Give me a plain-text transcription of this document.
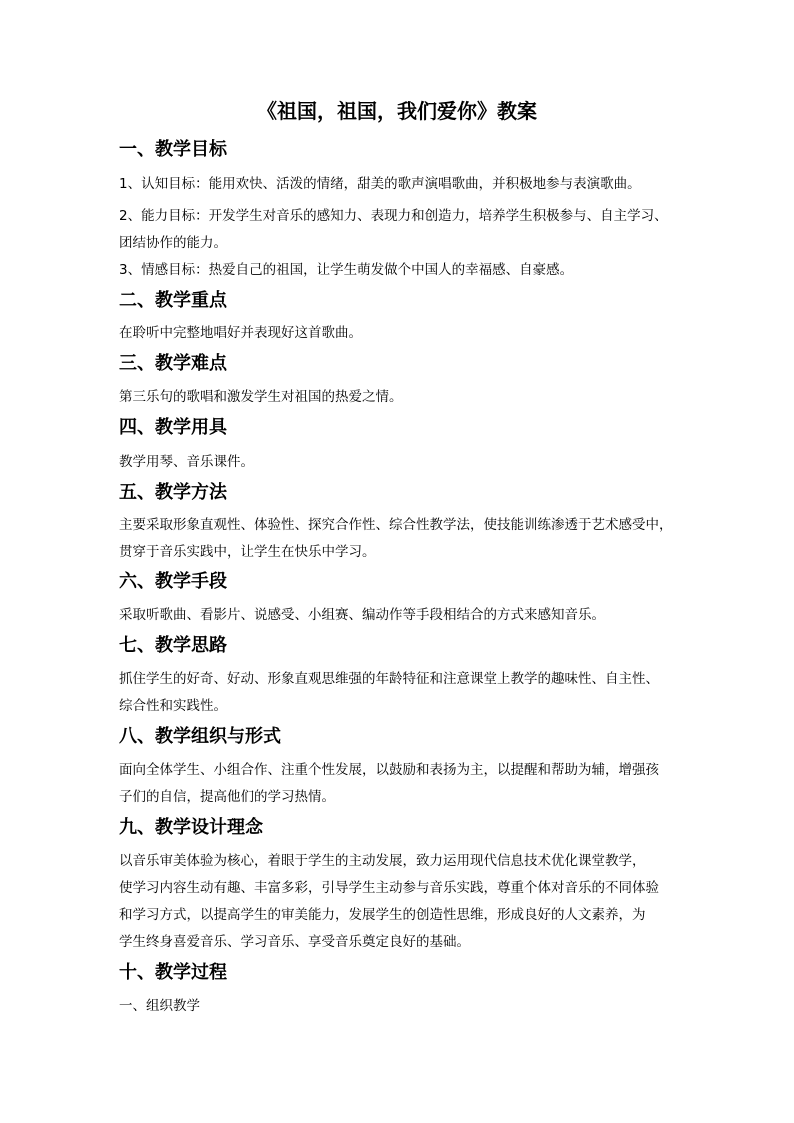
《祖国，祖国，我们爱你》教案
一、教学目标

1、认知目标：能用欢快、活泼的情绪，甜美的歌声演唱歌曲，并积极地参与表演歌曲。

2、能力目标：开发学生对音乐的感知力、表现力和创造力，培养学生积极参与、自主学习、

团结协作的能力。

3、情感目标：热爱自己的祖国，让学生萌发做个中国人的幸福感、自豪感。

二、教学重点

在聆听中完整地唱好并表现好这首歌曲。

三、教学难点

第三乐句的歌唱和激发学生对祖国的热爱之情。

四、教学用具

教学用琴、音乐课件。

五、教学方法

主要采取形象直观性、体验性、探究合作性、综合性教学法，使技能训练渗透于艺术感受中，

贯穿于音乐实践中，让学生在快乐中学习。

六、教学手段

采取听歌曲、看影片、说感受、小组赛、编动作等手段相结合的方式来感知音乐。

七、教学思路

抓住学生的好奇、好动、形象直观思维强的年龄特征和注意课堂上教学的趣味性、自主性、

综合性和实践性。

八、教学组织与形式

面向全体学生、小组合作、注重个性发展，以鼓励和表扬为主，以提醒和帮助为辅，增强孩

子们的自信，提高他们的学习热情。

九、教学设计理念

以音乐审美体验为核心，着眼于学生的主动发展，致力运用现代信息技术优化课堂教学，

使学习内容生动有趣、丰富多彩，引导学生主动参与音乐实践，尊重个体对音乐的不同体验

和学习方式，以提高学生的审美能力，发展学生的创造性思维，形成良好的人文素养，为

学生终身喜爱音乐、学习音乐、享受音乐奠定良好的基础。

十、教学过程

一、组织教学
